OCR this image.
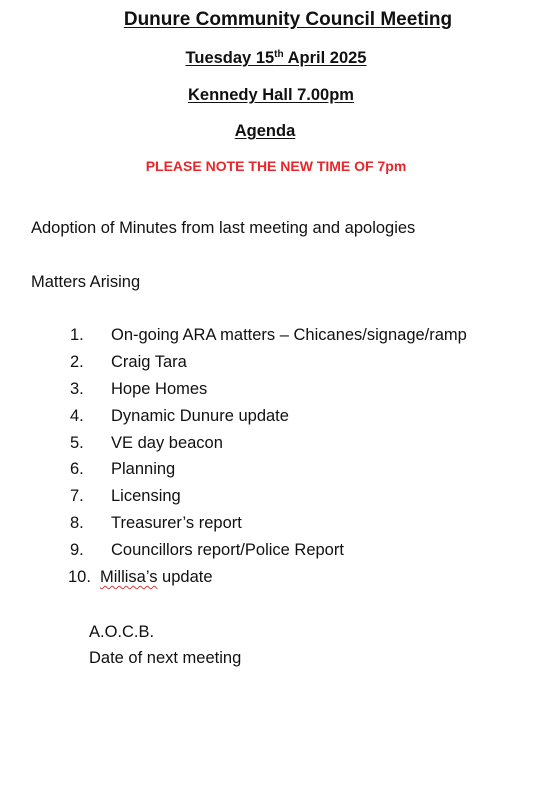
Dunure Community Council Meeting
Tuesday 15th April 2025
Kennedy Hall 7.00pm
Agenda
PLEASE NOTE THE NEW TIME OF 7pm
Adoption of Minutes from last meeting and apologies
Matters Arising
1. On-going ARA matters – Chicanes/signage/ramp
2. Craig Tara
3. Hope Homes
4. Dynamic Dunure update
5. VE day beacon
6. Planning
7. Licensing
8. Treasurer’s report
9. Councillors report/Police Report
10. Millisa’s update
A.O.C.B.
Date of next meeting
